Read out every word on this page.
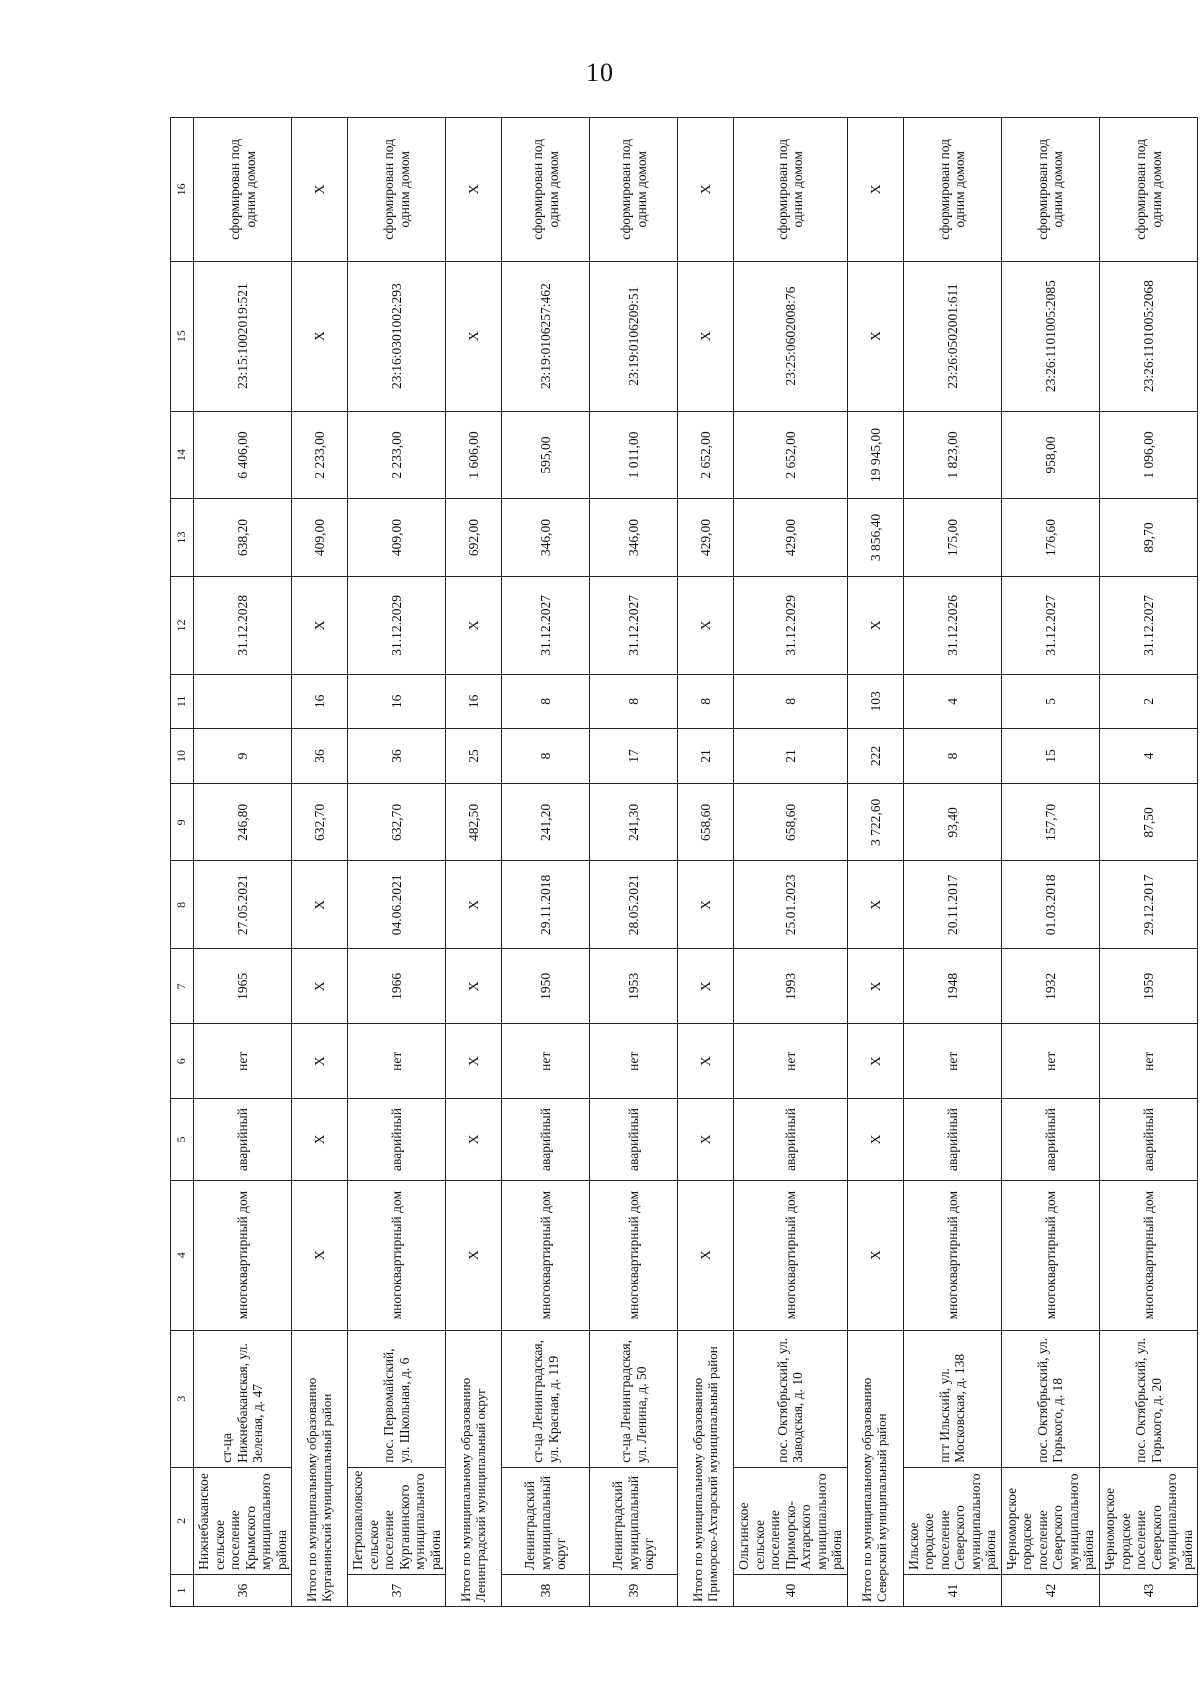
10
1	2	3	4	5	6	7	8	9	10	11	12	13	14	15	16
36	Нижнебаканское сельское поселение Крымского муниципального района	ст-ца Нижнебаканская, ул. Зеленая, д. 47	многоквартирный дом	аварийный	нет	1965	27.05.2021	246,80	9		31.12.2028	638,20	6 406,00	23:15:1002019:521	сформирован под одним домом
Итого по муниципальному образованию Курганинский муниципальный район			X	X	X	X	X	632,70	36	16	X	409,00	2 233,00	X	X
37	Петропавловское сельское поселение Курганинского муниципального района	пос. Первомайский, ул. Школьная, д. 6	многоквартирный дом	аварийный	нет	1966	04.06.2021	632,70	36	16	31.12.2029	409,00	2 233,00	23:16:0301002:293	сформирован под одним домом
Итого по муниципальному образованию Ленинградский муниципальный округ			X	X	X	X	X	482,50	25	16	X	692,00	1 606,00	X	X
38	Ленинградский муниципальный округ	ст-ца Ленинградская, ул. Красная, д. 119	многоквартирный дом	аварийный	нет	1950	29.11.2018	241,20	8	8	31.12.2027	346,00	595,00	23:19:0106257:462	сформирован под одним домом
39	Ленинградский муниципальный округ	ст-ца Ленинградская, ул. Ленина, д. 50	многоквартирный дом	аварийный	нет	1953	28.05.2021	241,30	17	8	31.12.2027	346,00	1 011,00	23:19:0106209:51	сформирован под одним домом
Итого по муниципальному образованию Приморско-Ахтарский муниципальный район			X	X	X	X	X	658,60	21	8	X	429,00	2 652,00	X	X
40	Ольгинское сельское поселение Приморско-Ахтарского муниципального района	пос. Октябрьский, ул. Заводская, д. 10	многоквартирный дом	аварийный	нет	1993	25.01.2023	658,60	21	8	31.12.2029	429,00	2 652,00	23:25:0602008:76	сформирован под одним домом
Итого по муниципальному образованию Северский муниципальный район			X	X	X	X	X	3 722,60	222	103	X	3 856,40	19 945,00	X	X
41	Ильское городское поселение Северского муниципального района	пгт Ильский, ул. Московская, д. 138	многоквартирный дом	аварийный	нет	1948	20.11.2017	93,40	8	4	31.12.2026	175,00	1 823,00	23:26:0502001:611	сформирован под одним домом
42	Черноморское городское поселение Северского муниципального района	пос. Октябрьский, ул. Горького, д. 18	многоквартирный дом	аварийный	нет	1932	01.03.2018	157,70	15	5	31.12.2027	176,60	958,00	23:26:1101005:2085	сформирован под одним домом
43	Черноморское городское поселение Северского муниципального района	пос. Октябрьский, ул. Горького, д. 20	многоквартирный дом	аварийный	нет	1959	29.12.2017	87,50	4	2	31.12.2027	89,70	1 096,00	23:26:1101005:2068	сформирован под одним домом
